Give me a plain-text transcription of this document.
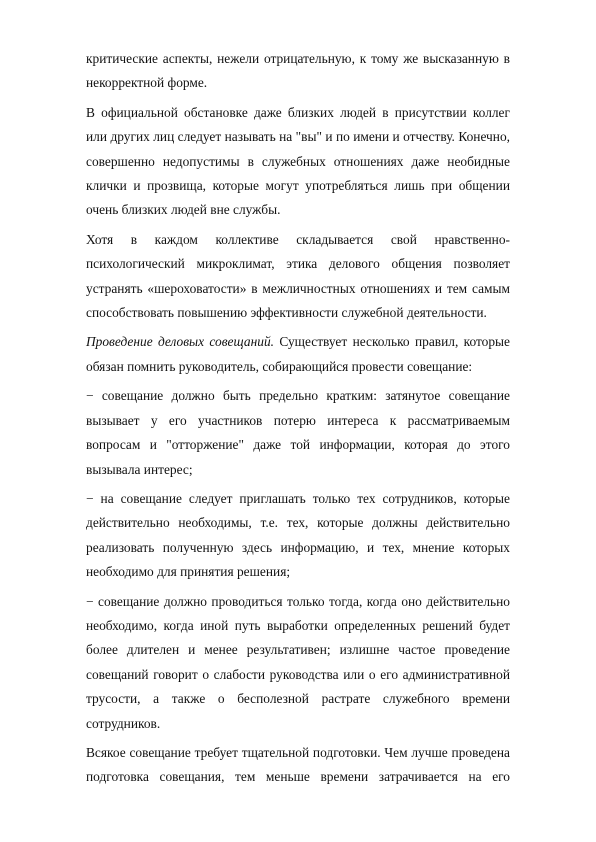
критические аспекты, нежели отрицательную, к тому же высказанную в некорректной форме.

В официальной обстановке даже близких людей в присутствии коллег или других лиц следует называть на "вы" и по имени и отчеству. Конечно, совершенно недопустимы в служебных отношениях даже необидные клички и прозвища, которые могут употребляться лишь при общении очень близких людей вне службы.

Хотя в каждом коллективе складывается свой нравственно-психологический микроклимат, этика делового общения позволяет устранять «шероховатости» в межличностных отношениях и тем самым способствовать повышению эффективности служебной деятельности.

Проведение деловых совещаний. Существует несколько правил, которые обязан помнить руководитель, собирающийся провести совещание:

− совещание должно быть предельно кратким: затянутое совещание вызывает у его участников потерю интереса к рассматриваемым вопросам и "отторжение" даже той информации, которая до этого вызывала интерес;

− на совещание следует приглашать только тех сотрудников, которые действительно необходимы, т.е. тех, которые должны действительно реализовать полученную здесь информацию, и тех, мнение которых необходимо для принятия решения;

− совещание должно проводиться только тогда, когда оно действительно необходимо, когда иной путь выработки определенных решений будет более длителен и менее результативен; излишне частое проведение совещаний говорит о слабости руководства или о его административной трусости, а также о бесполезной растрате служебного времени сотрудников.

Всякое совещание требует тщательной подготовки. Чем лучше проведена подготовка совещания, тем меньше времени затрачивается на его
